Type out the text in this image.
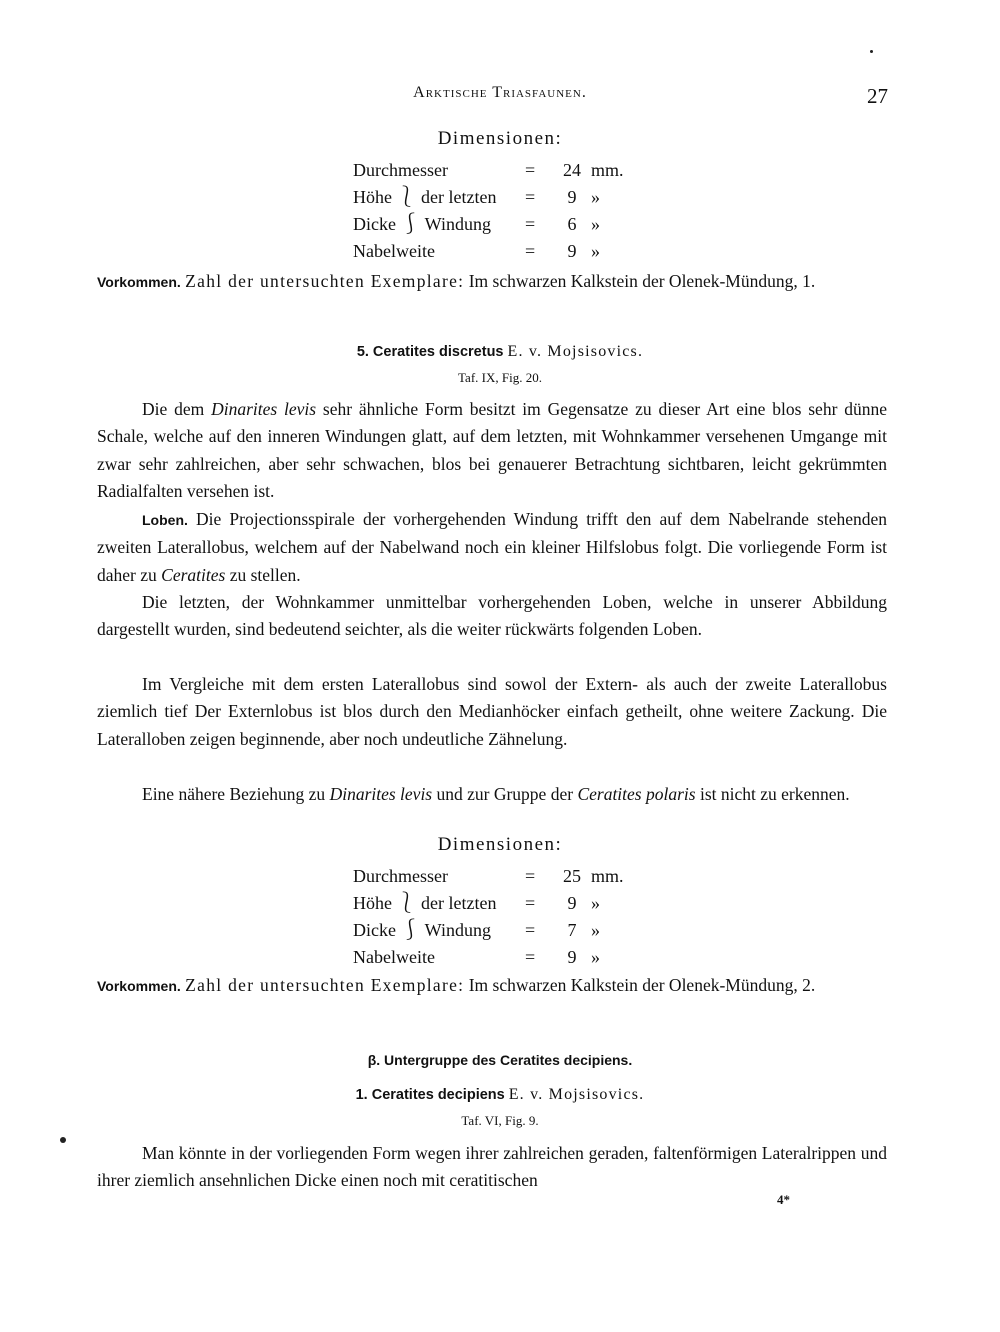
Arktische Triasfaunen.	27
Dimensionen:
Durchmesser	= 24 mm.
Höhe ⎱ der letzten =	9 »
Dicke ⎰ Windung =	6 »
Nabelweite	=	9 »
Vorkommen. Zahl der untersuchten Exemplare: Im schwarzen Kalkstein der Olenek-Mündung, 1.
5. Ceratites discretus E. v. Mojsisovics.
Taf. IX, Fig. 20.
Die dem Dinarites levis sehr ähnliche Form besitzt im Gegensatze zu dieser Art eine blos sehr dünne Schale, welche auf den inneren Windungen glatt, auf dem letzten, mit Wohnkammer versehenen Umgange mit zwar sehr zahlreichen, aber sehr schwachen, blos bei genauerer Betrachtung sichtbaren, leicht gekrümmten Radialfalten versehen ist.
Loben. Die Projectionsspirale der vorhergehenden Windung trifft den auf dem Nabelrande stehenden zweiten Laterallobus, welchem auf der Nabelwand noch ein kleiner Hilfslobus folgt. Die vorliegende Form ist daher zu Ceratites zu stellen.
Die letzten, der Wohnkammer unmittelbar vorhergehenden Loben, welche in unserer Abbildung dargestellt wurden, sind bedeutend seichter, als die weiter rückwärts folgenden Loben.
Im Vergleiche mit dem ersten Laterallobus sind sowol der Extern- als auch der zweite Laterallobus ziemlich tief Der Externlobus ist blos durch den Medianhöcker einfach getheilt, ohne weitere Zackung. Die Lateralloben zeigen beginnende, aber noch undeutliche Zähnelung.
Eine nähere Beziehung zu Dinarites levis und zur Gruppe der Ceratites polaris ist nicht zu erkennen.
Dimensionen:
Durchmesser	= 25 mm.
Höhe ⎱ der letzten =	9 »
Dicke ⎰ Windung =	7 »
Nabelweite	=	9 »
Vorkommen. Zahl der untersuchten Exemplare: Im schwarzen Kalkstein der Olenek-Mündung, 2.
β. Untergruppe des Ceratites decipiens.
1. Ceratites decipiens E. v. Mojsisovics.
Taf. VI, Fig. 9.
Man könnte in der vorliegenden Form wegen ihrer zahlreichen geraden, faltenförmigen Lateralrippen und ihrer ziemlich ansehnlichen Dicke einen noch mit ceratitischen
4*
